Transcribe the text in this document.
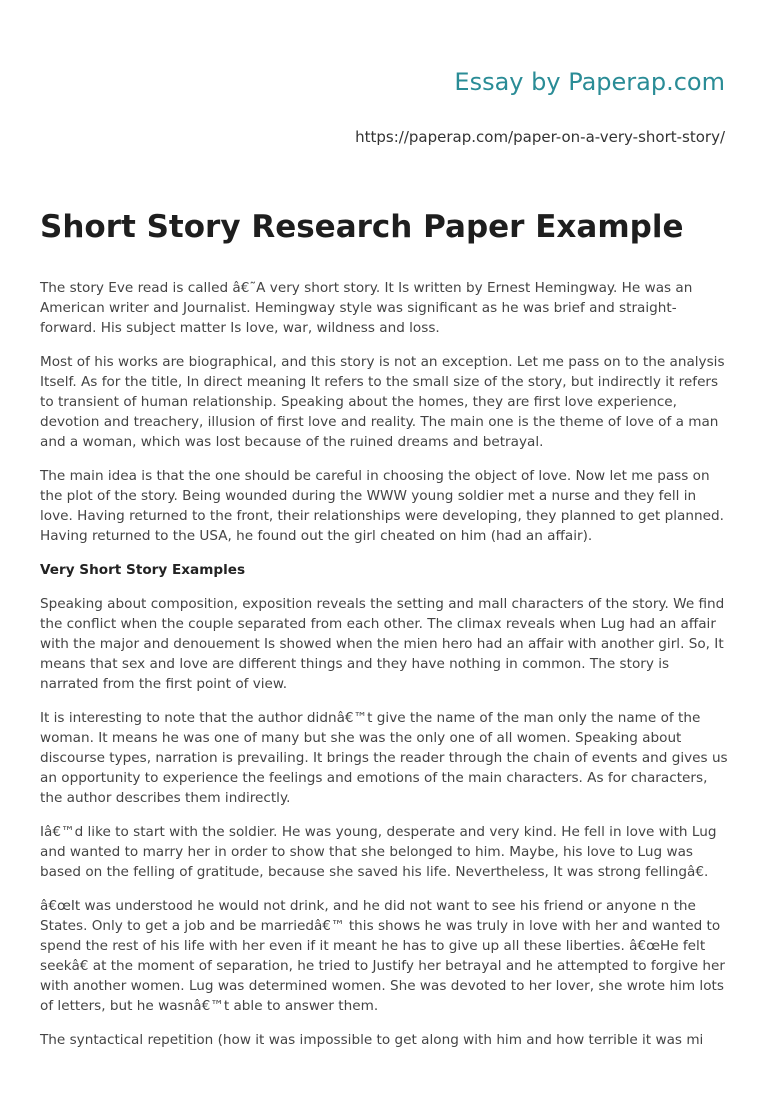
Essay by Paperap.com
https://paperap.com/paper-on-a-very-short-story/
Short Story Research Paper Example

The story Eve read is called â€˜A very short story. It Is written by Ernest Hemingway. He was an American writer and Journalist. Hemingway style was significant as he was brief and straight-forward. His subject matter Is love, war, wildness and loss.

Most of his works are biographical, and this story is not an exception. Let me pass on to the analysis Itself. As for the title, In direct meaning It refers to the small size of the story, but indirectly it refers to transient of human relationship. Speaking about the homes, they are first love experience, devotion and treachery, illusion of first love and reality. The main one is the theme of love of a man and a woman, which was lost because of the ruined dreams and betrayal.

The main idea is that the one should be careful in choosing the object of love. Now let me pass on the plot of the story. Being wounded during the WWW young soldier met a nurse and they fell in love. Having returned to the front, their relationships were developing, they planned to get planned. Having returned to the USA, he found out the girl cheated on him (had an affair).

Very Short Story Examples

Speaking about composition, exposition reveals the setting and mall characters of the story. We find the conflict when the couple separated from each other. The climax reveals when Lug had an affair with the major and denouement Is showed when the mien hero had an affair with another girl. So, It means that sex and love are different things and they have nothing in common. The story is narrated from the first point of view.

It is interesting to note that the author didnâ€™t give the name of the man only the name of the woman. It means he was one of many but she was the only one of all women. Speaking about discourse types, narration is prevailing. It brings the reader through the chain of events and gives us an opportunity to experience the feelings and emotions of the main characters. As for characters, the author describes them indirectly.

Iâ€™d like to start with the soldier. He was young, desperate and very kind. He fell in love with Lug and wanted to marry her in order to show that she belonged to him. Maybe, his love to Lug was based on the felling of gratitude, because she saved his life. Nevertheless, It was strong fellingâ€.

â€œIt was understood he would not drink, and he did not want to see his friend or anyone n the States. Only to get a job and be marriedâ€™ this shows he was truly in love with her and wanted to spend the rest of his life with her even if it meant he has to give up all these liberties. â€œHe felt seekâ€ at the moment of separation, he tried to Justify her betrayal and he attempted to forgive her with another women. Lug was determined women. She was devoted to her lover, she wrote him lots of letters, but he wasnâ€™t able to answer them.

The syntactical repetition (how it was impossible to get along with him and how terrible it was mi
